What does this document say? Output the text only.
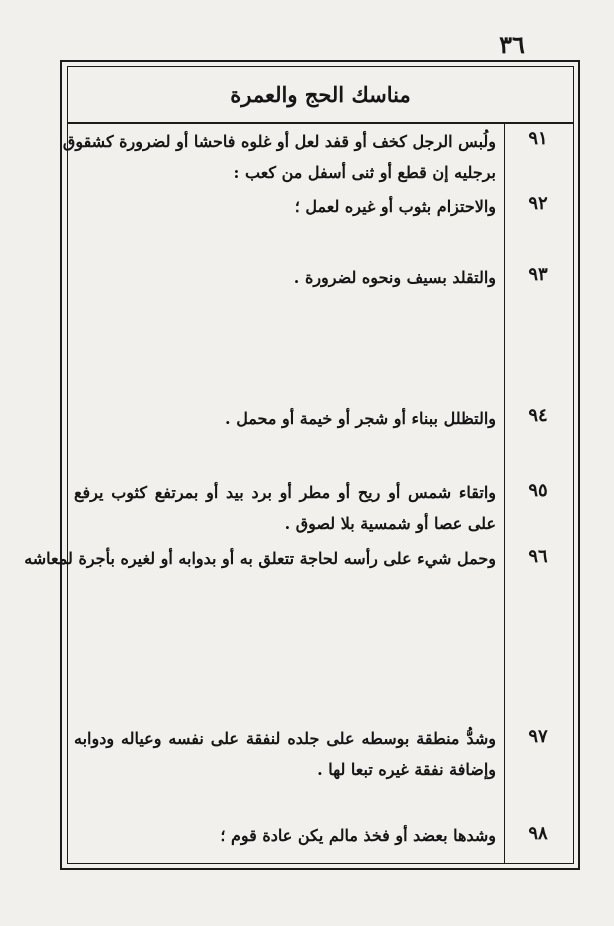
٣٦
مناسك الحج والعمرة
٩١
ولُبس الرجل كخف أو قفد لعل أو غلوه فاحشا أو لضرورة كشقوق
برجليه إن قطع أو ثنى أسفل من كعب :
٩٢
والاحتزام بثوب أو غيره لعمل ؛
٩٣
والتقلد بسيف ونحوه لضرورة .
٩٤
والتظلل ببناء أو شجر أو خيمة أو محمل .
٩٥
واتقاء شمس أو ريح أو مطر أو برد بيد أو بمرتفع كثوب يرفع
على عصا أو شمسية بلا لصوق .
٩٦
وحمل شيء على رأسه لحاجة تتعلق به أو بدوابه أو لغيره بأجرة لمعاشه
٩٧
وشدُّ منطقة بوسطه على جلده لنفقة على نفسه وعياله ودوابه
وإضافة نفقة غيره تبعا لها .
٩٨
وشدها بعضد أو فخذ مالم يكن عادة قوم ؛
